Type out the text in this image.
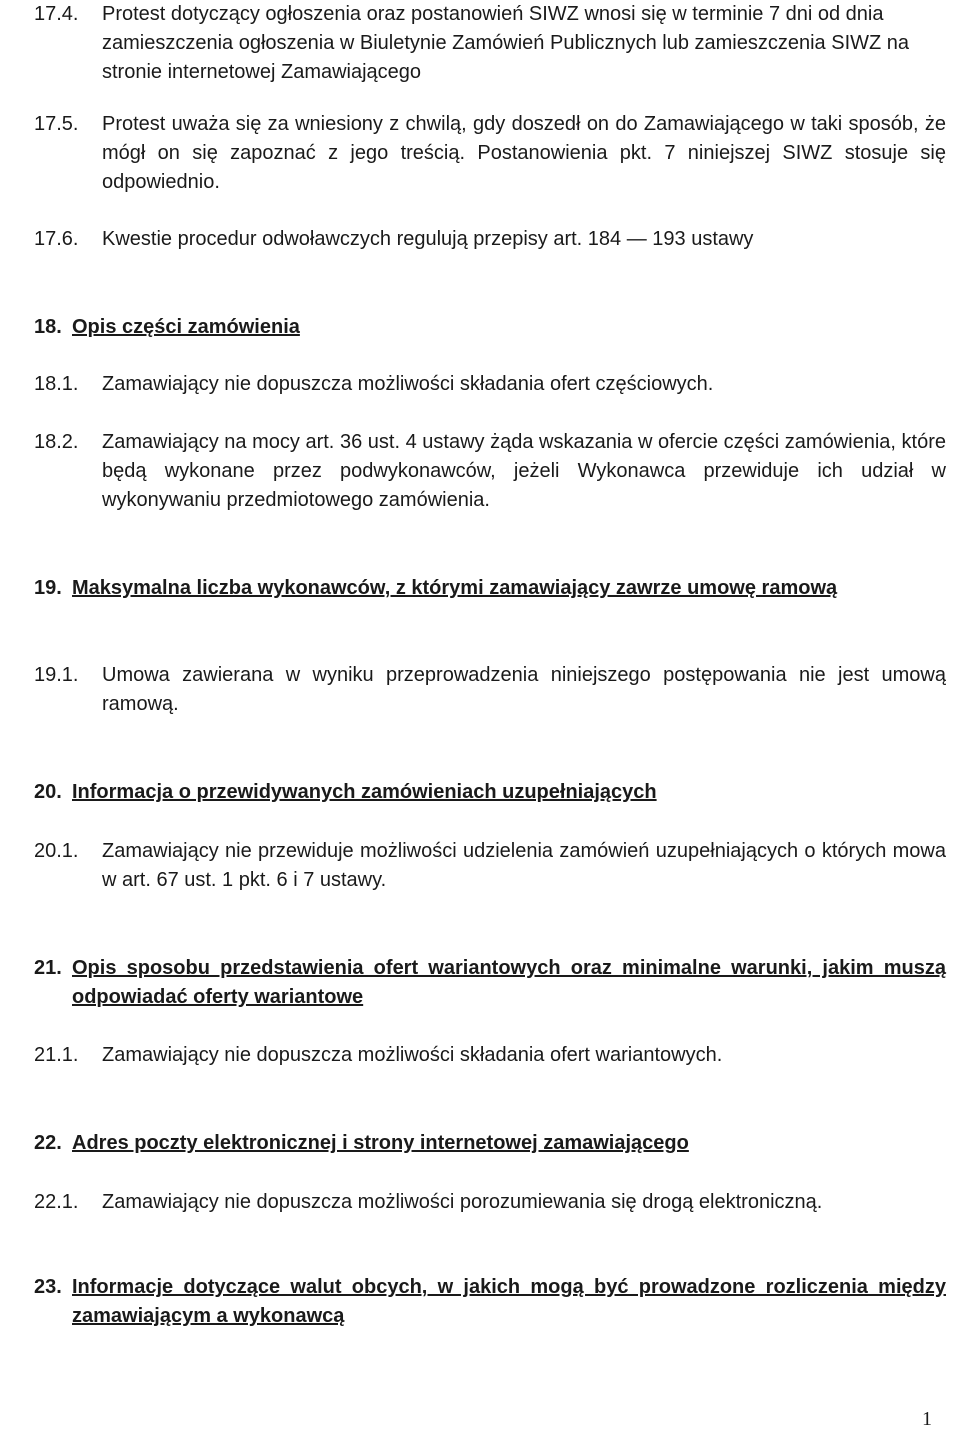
17.4. Protest dotyczący ogłoszenia oraz postanowień SIWZ wnosi się w terminie 7 dni od dnia zamieszczenia ogłoszenia w Biuletynie Zamówień Publicznych lub zamieszczenia SIWZ na stronie internetowej Zamawiającego
17.5. Protest uważa się za wniesiony z chwilą, gdy doszedł on do Zamawiającego w taki sposób, że mógł on się zapoznać z jego treścią. Postanowienia pkt. 7 niniejszej SIWZ stosuje się odpowiednio.
17.6. Kwestie procedur odwoławczych regulują przepisy art. 184 — 193 ustawy
18. Opis części zamówienia
18.1. Zamawiający nie dopuszcza możliwości składania ofert częściowych.
18.2. Zamawiający na mocy art. 36 ust. 4 ustawy żąda wskazania w ofercie części zamówienia, które będą wykonane przez podwykonawców, jeżeli Wykonawca przewiduje ich udział w wykonywaniu przedmiotowego zamówienia.
19. Maksymalna liczba wykonawców, z którymi zamawiający zawrze umowę ramową
19.1. Umowa zawierana w wyniku przeprowadzenia niniejszego postępowania nie jest umową ramową.
20. Informacja o przewidywanych zamówieniach uzupełniających
20.1. Zamawiający nie przewiduje możliwości udzielenia zamówień uzupełniających o których mowa w art. 67 ust. 1 pkt. 6 i 7 ustawy.
21. Opis sposobu przedstawienia ofert wariantowych oraz minimalne warunki, jakim muszą odpowiadać oferty wariantowe
21.1. Zamawiający nie dopuszcza możliwości składania ofert wariantowych.
22. Adres poczty elektronicznej i strony internetowej zamawiającego
22.1. Zamawiający nie dopuszcza możliwości porozumiewania się drogą elektroniczną.
23. Informacje dotyczące walut obcych, w jakich mogą być prowadzone rozliczenia między zamawiającym a wykonawcą
1
